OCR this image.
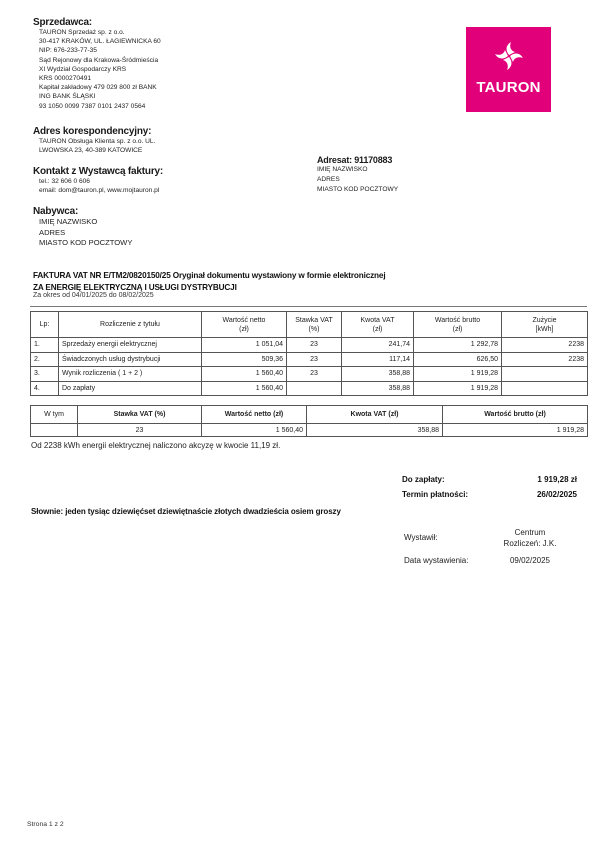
Sprzedawca:
TAURON Sprzedaż sp. z o.o.
30-417 KRAKÓW, UL. ŁAGIEWNICKA 60
NIP: 676-233-77-35
Sąd Rejonowy dla Krakowa-Śródmieścia
XI Wydział Gospodarczy KRS
KRS 0000270491
Kapitał zakładowy 479 029 800 zł BANK
ING BANK ŚLĄSKI
93 1050 0099 7387 0101 2437 0564
Adres korespondencyjny:
TAURON Obsługa Klienta sp. z o.o. UL.
LWOWSKA 23, 40-389 KATOWICE
Kontakt z Wystawcą faktury:
tel.: 32 606 0 606
email: dom@tauron.pl, www.mojtauron.pl
Nabywca:
IMIĘ NAZWISKO
ADRES
MIASTO KOD POCZTOWY
Adresat: 91170883
IMIĘ NAZWISKO
ADRES
MIASTO KOD POCZTOWY
TAURON
FAKTURA VAT NR E/TM2/0820150/25 Oryginał dokumentu wystawiony w formie elektronicznej
ZA ENERGIĘ ELEKTRYCZNĄ I USŁUGI DYSTRYBUCJI
Za okres od 04/01/2025 do 08/02/2025
Lp:	Rozliczenie z tytułu	
Wartość netto
(zł)

Stawka VAT
(%)

Kwota VAT
(zł)

Wartość brutto
(zł)

Zużycie
[kWh]

1.	Sprzedaży energii elektrycznej	1 051,04	23	241,74	1 292,78	2238
2.	Świadczonych usług dystrybucji	509,36	23	117,14	626,50	2238
3.	Wynik rozliczenia ( 1 + 2 )	1 560,40	23	358,88	1 919,28	
4.	Do zapłaty	1 560,40		358,88	1 919,28	
W tym	Stawka VAT (%)	Wartość netto (zł)	Kwota VAT (zł)	Wartość brutto (zł)
	23	1 560,40	358,88	1 919,28
Od 2238 kWh energii elektrycznej naliczono akcyzę w kwocie 11,19 zł.
Do zapłaty:	1 919,28 zł
Termin płatności:	26/02/2025
Słownie: jeden tysiąc dziewięćset dziewiętnaście złotych dwadzieścia osiem groszy
Wystawił:
Centrum
Rozliczeń: J.K.
Data wystawienia:	09/02/2025
Strona 1 z 2
